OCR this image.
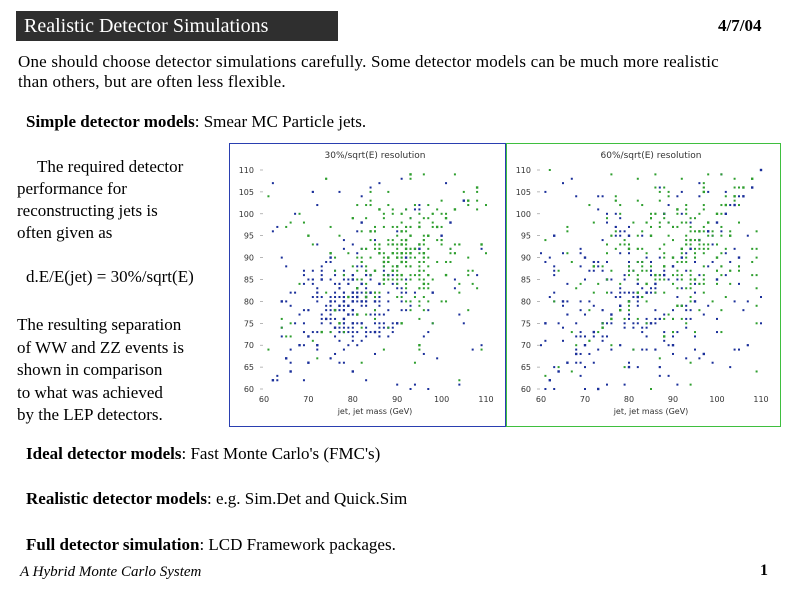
Realistic Detector Simulations	4/7/04
One should choose detector simulations carefully. Some detector models can be much more realistic than others, but are often less flexible.
Simple detector models: Smear MC Particle jets.

The required detector

performance for

reconstructing jets is

often given as

d.E/E(jet) = 30%/sqrt(E)
The resulting separation
of WW and ZZ events is
shown in comparison
to what was achieved
by the LEP detectors.
30%/sqrt(E) resolution
110
105
100
95
90
85
80
75
70
65
60
60	70	80	90	100	110
jet, jet mass (GeV)
60%/sqrt(E) resolution
110
105
100
95
90
85
80
75
70
65
60
60	70	80	90	100	110
jet, jet mass (GeV)
Ideal detector models: Fast Monte Carlo's (FMC's)
Realistic detector models: e.g. Sim.Det and Quick.Sim
Full detector simulation: LCD Framework packages.
A Hybrid Monte Carlo System	1
